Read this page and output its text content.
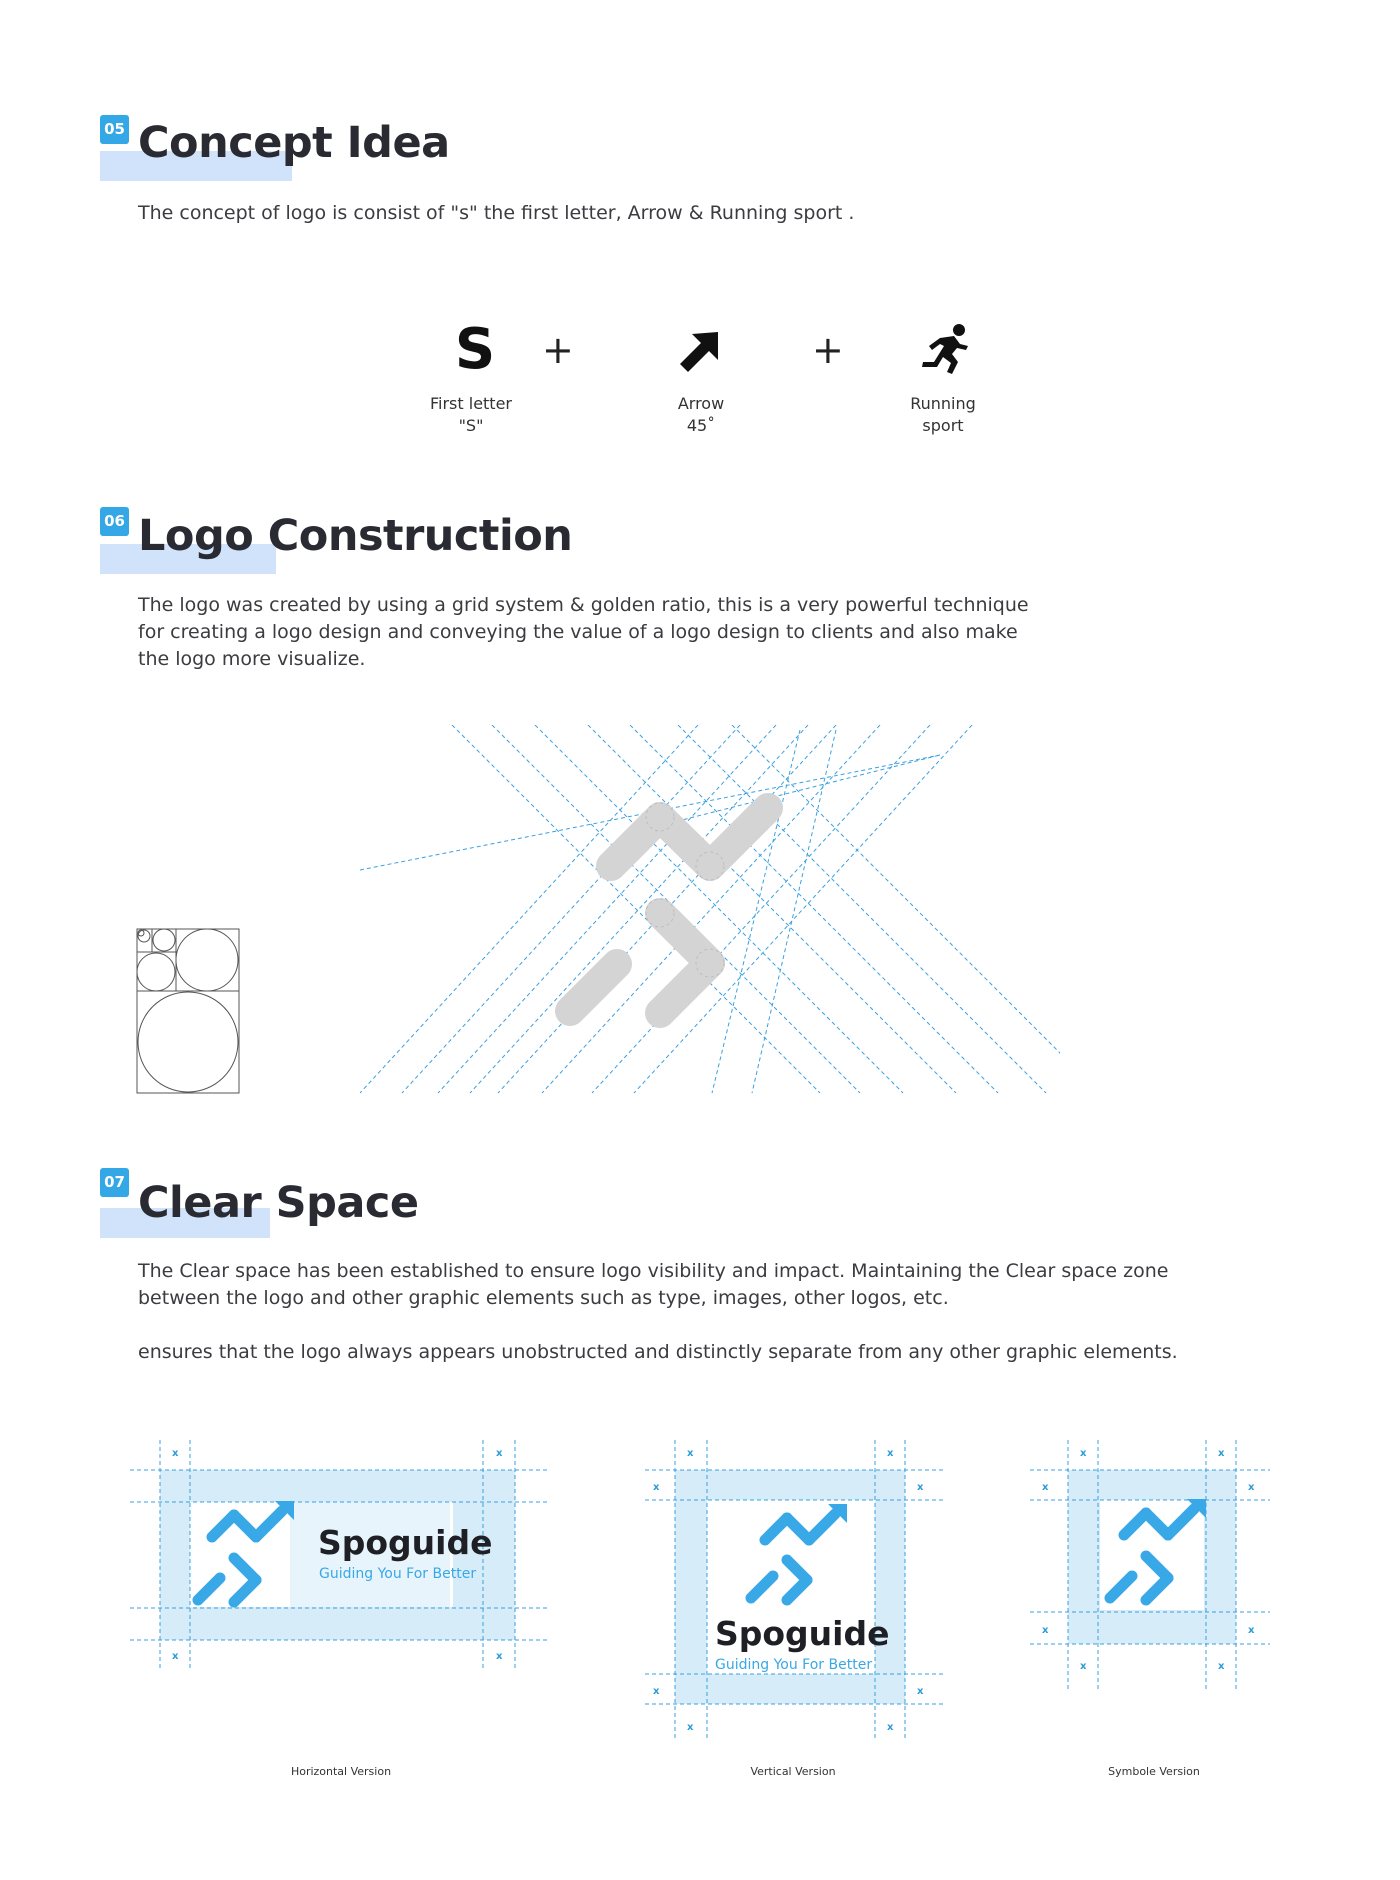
05 Concept Idea
The concept of logo is consist of "s" the first letter, Arrow & Running sport .
S +	+
First letter
"S"
Arrow
45˚
Running
sport
06 Logo Construction
The logo was created by using a grid system & golden ratio, this is a very powerful technique
for creating a logo design and conveying the value of a logo design to clients and also make
the logo more visualize.
07 Clear Space
The Clear space has been established to ensure logo visibility and impact. Maintaining the Clear space zone
between the logo and other graphic elements such as type, images, other logos, etc.

ensures that the logo always appears unobstructed and distinctly separate from any other graphic elements.
x	x
x	x
Spoguide
Guiding You For Better
Horizontal Version
x	x
x	x
x	x
x	x
Spoguide
Guiding You For Better
Vertical Version
x	x
x	x
x	x
x	x
Symbole Version
